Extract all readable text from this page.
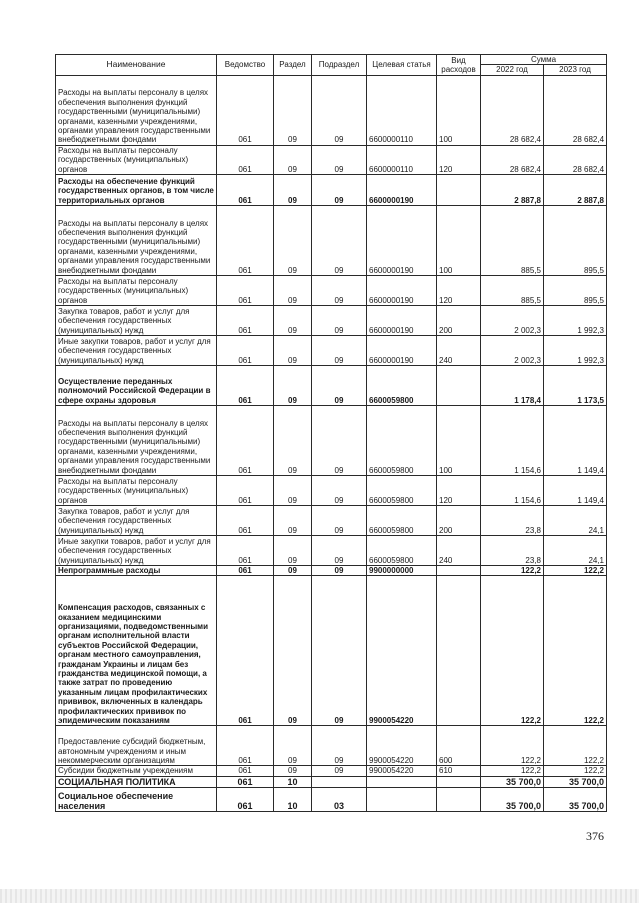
Наименование	Ведомство	Раздел	Подраздел	Целевая статья	Вид расходов	Сумма	
						2022 год	2023 год
Расходы на выплаты персоналу в целях обеспечения выполнения функций государственными (муниципальными) органами, казенными учреждениями, органами управления государственными внебюджетными фондами	061	09	09	6600000110	100	28 682,4	28 682,4
Расходы на выплаты персоналу государственных (муниципальных) органов	061	09	09	6600000110	120	28 682,4	28 682,4
Расходы на обеспечение функций государственных органов, в том числе территориальных органов	061	09	09	6600000190		2 887,8	2 887,8
Расходы на выплаты персоналу в целях обеспечения выполнения функций государственными (муниципальными) органами, казенными учреждениями, органами управления государственными внебюджетными фондами	061	09	09	6600000190	100	885,5	895,5
Расходы на выплаты персоналу государственных (муниципальных) органов	061	09	09	6600000190	120	885,5	895,5
Закупка товаров, работ и услуг для обеспечения государственных (муниципальных) нужд	061	09	09	6600000190	200	2 002,3	1 992,3
Иные закупки товаров, работ и услуг для обеспечения государственных (муниципальных) нужд	061	09	09	6600000190	240	2 002,3	1 992,3
Осуществление переданных полномочий Российской Федерации в сфере охраны здоровья	061	09	09	6600059800		1 178,4	1 173,5
Расходы на выплаты персоналу в целях обеспечения выполнения функций государственными (муниципальными) органами, казенными учреждениями, органами управления государственными внебюджетными фондами	061	09	09	6600059800	100	1 154,6	1 149,4
Расходы на выплаты персоналу государственных (муниципальных) органов	061	09	09	6600059800	120	1 154,6	1 149,4
Закупка товаров, работ и услуг для обеспечения государственных (муниципальных) нужд	061	09	09	6600059800	200	23,8	24,1
Иные закупки товаров, работ и услуг для обеспечения государственных (муниципальных) нужд	061	09	09	6600059800	240	23,8	24,1
Непрограммные расходы	061	09	09	9900000000		122,2	122,2
Компенсация расходов, связанных с оказанием медицинскими организациями, подведомственными органам исполнительной власти субъектов Российской Федерации, органам местного самоуправления, гражданам Украины и лицам без гражданства медицинской помощи, а также затрат по проведению указанным лицам профилактических прививок, включенных в календарь профилактических прививок по эпидемическим показаниям	061	09	09	9900054220		122,2	122,2
Предоставление субсидий бюджетным, автономным учреждениям и иным некоммерческим организациям	061	09	09	9900054220	600	122,2	122,2
Субсидии бюджетным учреждениям	061	09	09	9900054220	610	122,2	122,2
СОЦИАЛЬНАЯ ПОЛИТИКА	061	10				35 700,0	35 700,0
Социальное обеспечение населения	061	10	03			35 700,0	35 700,0
376
